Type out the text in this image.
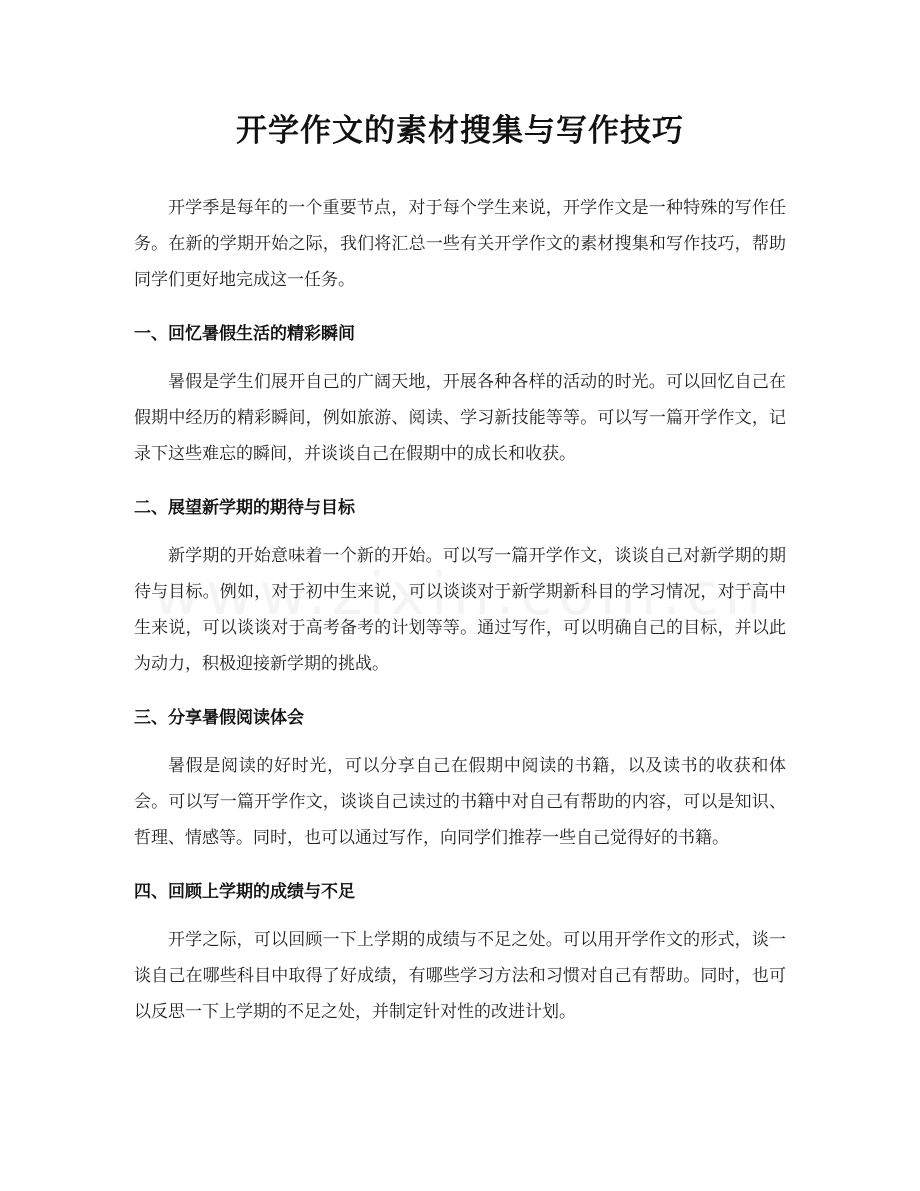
开学作文的素材搜集与写作技巧

开学季是每年的一个重要节点，对于每个学生来说，开学作文是一种特殊的写作任务。在新的学期开始之际，我们将汇总一些有关开学作文的素材搜集和写作技巧，帮助同学们更好地完成这一任务。

一、回忆暑假生活的精彩瞬间

暑假是学生们展开自己的广阔天地，开展各种各样的活动的时光。可以回忆自己在假期中经历的精彩瞬间，例如旅游、阅读、学习新技能等等。可以写一篇开学作文，记录下这些难忘的瞬间，并谈谈自己在假期中的成长和收获。

二、展望新学期的期待与目标

新学期的开始意味着一个新的开始。可以写一篇开学作文，谈谈自己对新学期的期待与目标。例如，对于初中生来说，可以谈谈对于新学期新科目的学习情况，对于高中生来说，可以谈谈对于高考备考的计划等等。通过写作，可以明确自己的目标，并以此为动力，积极迎接新学期的挑战。

三、分享暑假阅读体会

暑假是阅读的好时光，可以分享自己在假期中阅读的书籍，以及读书的收获和体会。可以写一篇开学作文，谈谈自己读过的书籍中对自己有帮助的内容，可以是知识、哲理、情感等。同时，也可以通过写作，向同学们推荐一些自己觉得好的书籍。

四、回顾上学期的成绩与不足

开学之际，可以回顾一下上学期的成绩与不足之处。可以用开学作文的形式，谈一谈自己在哪些科目中取得了好成绩，有哪些学习方法和习惯对自己有帮助。同时，也可以反思一下上学期的不足之处，并制定针对性的改进计划。
